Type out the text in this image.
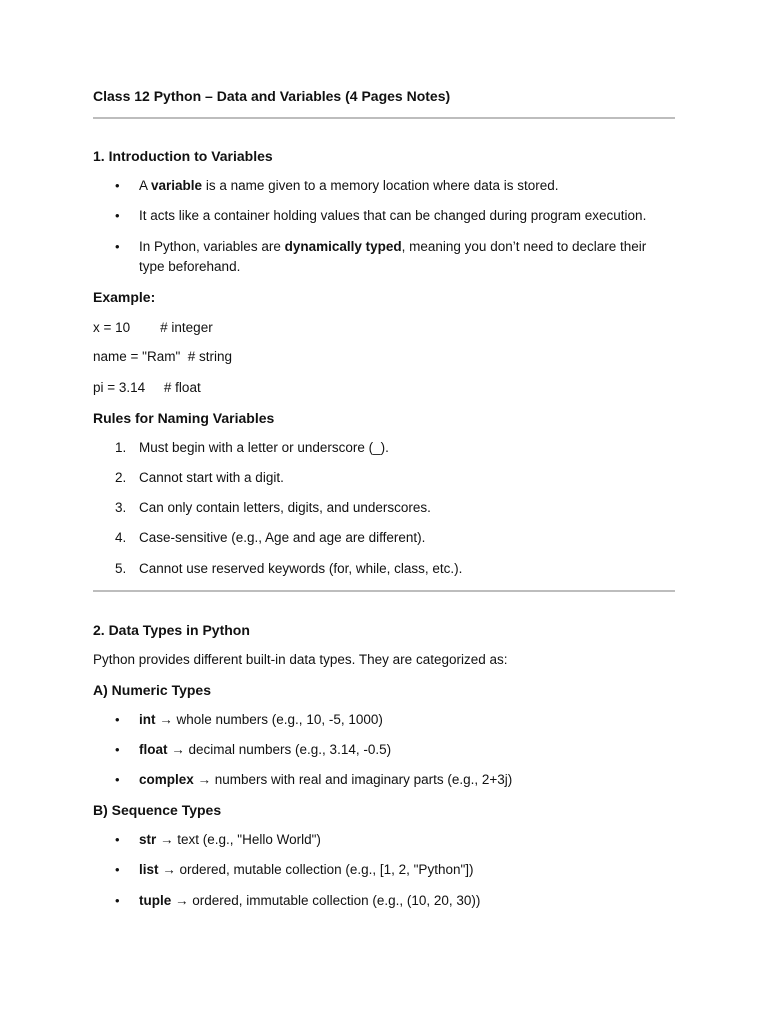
Class 12 Python – Data and Variables (4 Pages Notes)
1. Introduction to Variables
•
A variable is a name given to a memory location where data is stored.
•
It acts like a container holding values that can be changed during program execution.
•
In Python, variables are dynamically typed, meaning you don’t need to declare their
type beforehand.
Example:
x = 10        # integer
name = "Ram"  # string
pi = 3.14     # float
Rules for Naming Variables
1. Must begin with a letter or underscore (_).
2. Cannot start with a digit.
3. Can only contain letters, digits, and underscores.
4. Case-sensitive (e.g., Age and age are different).
5. Cannot use reserved keywords (for, while, class, etc.).
2. Data Types in Python
Python provides different built-in data types. They are categorized as:
A) Numeric Types
•
int → whole numbers (e.g., 10, -5, 1000)
•
float → decimal numbers (e.g., 3.14, -0.5)
•
complex → numbers with real and imaginary parts (e.g., 2+3j)
B) Sequence Types
•
str → text (e.g., "Hello World")
•
list → ordered, mutable collection (e.g., [1, 2, "Python"])
•
tuple → ordered, immutable collection (e.g., (10, 20, 30))
